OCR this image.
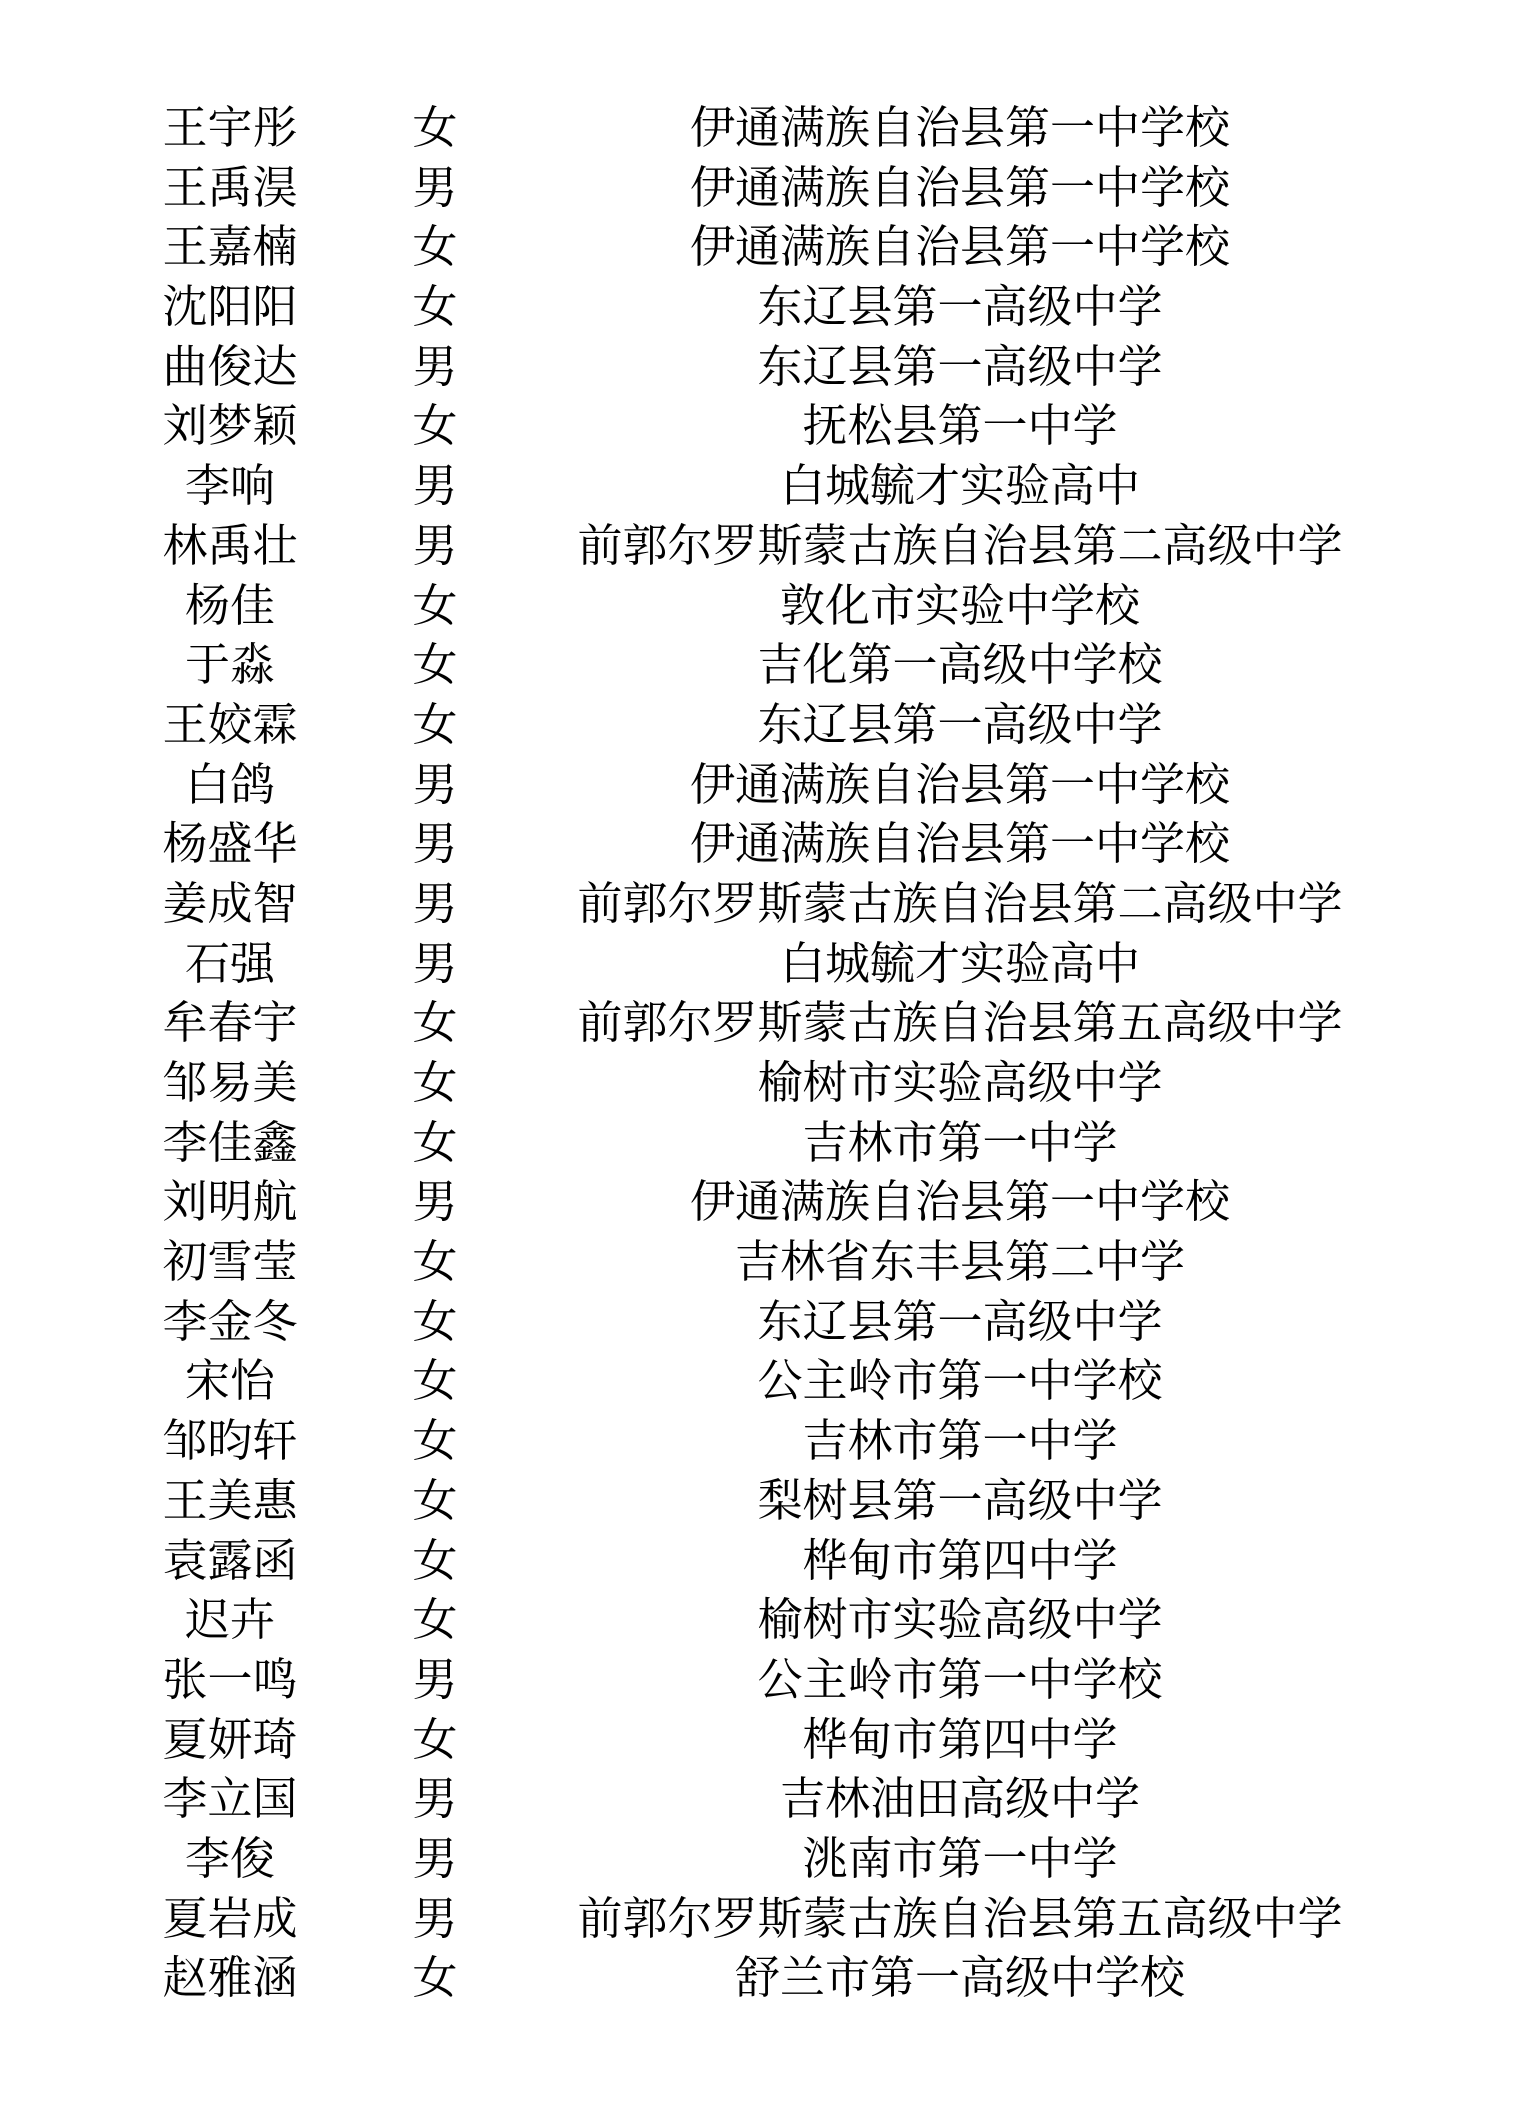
王宇彤	女	伊通满族自治县第一中学校
王禹淏	男	伊通满族自治县第一中学校
王嘉楠	女	伊通满族自治县第一中学校
沈阳阳	女	东辽县第一高级中学
曲俊达	男	东辽县第一高级中学
刘梦颖	女	抚松县第一中学
李响	男	白城毓才实验高中
林禹壮	男	前郭尔罗斯蒙古族自治县第二高级中学
杨佳	女	敦化市实验中学校
于淼	女	吉化第一高级中学校
王姣霖	女	东辽县第一高级中学
白鸽	男	伊通满族自治县第一中学校
杨盛华	男	伊通满族自治县第一中学校
姜成智	男	前郭尔罗斯蒙古族自治县第二高级中学
石强	男	白城毓才实验高中
牟春宇	女	前郭尔罗斯蒙古族自治县第五高级中学
邹易美	女	榆树市实验高级中学
李佳鑫	女	吉林市第一中学
刘明航	男	伊通满族自治县第一中学校
初雪莹	女	吉林省东丰县第二中学
李金冬	女	东辽县第一高级中学
宋怡	女	公主岭市第一中学校
邹昀轩	女	吉林市第一中学
王美惠	女	梨树县第一高级中学
袁露函	女	桦甸市第四中学
迟卉	女	榆树市实验高级中学
张一鸣	男	公主岭市第一中学校
夏妍琦	女	桦甸市第四中学
李立国	男	吉林油田高级中学
李俊	男	洮南市第一中学
夏岩成	男	前郭尔罗斯蒙古族自治县第五高级中学
赵雅涵	女	舒兰市第一高级中学校
